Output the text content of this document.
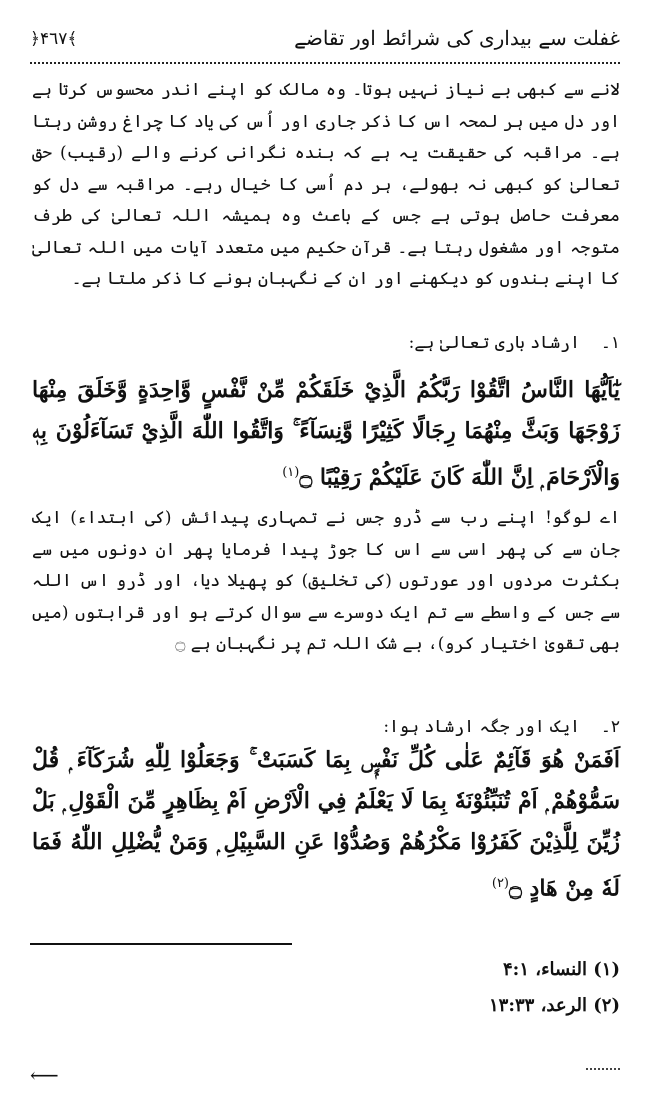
غفلت سے بیداری کی شرائط اور تقاضے
﴿۴٦٧﴾
لانے سے کبھی بے نیاز نہیں ہوتا۔ وہ مالک کو اپنے اندر محسوس کرتا ہے اور دل میں ہر لمحہ اس کا ذکر جاری اور اُس کی یاد کا چراغ روشن رہتا ہے۔ مراقبہ کی حقیقت یہ ہے کہ بندہ نگرانی کرنے والے (رقیب) حق تعالیٰ کو کبھی نہ بھولے، ہر دم اُسی کا خیال رہے۔ مراقبہ سے دل کو معرفت حاصل ہوتی ہے جس کے باعث وہ ہمیشہ اللہ تعالیٰ کی طرف متوجہ اور مشغول رہتا ہے۔ قرآن حکیم میں متعدد آیات میں اللہ تعالیٰ کا اپنے بندوں کو دیکھنے اور ان کے نگہبان ہونے کا ذکر ملتا ہے۔
۱۔ارشاد باری تعالیٰ ہے:
يٰٓاَيُّهَا النَّاسُ اتَّقُوْا رَبَّكُمُ الَّذِيْ خَلَقَكُمْ مِّنْ نَّفْسٍ وَّاحِدَةٍ وَّخَلَقَ مِنْهَا زَوْجَهَا وَبَثَّ مِنْهُمَا رِجَالًا كَثِيْرًا وَّنِسَآءً ۚ وَاتَّقُوا اللّٰهَ الَّذِيْ تَسَآءَلُوْنَ بِهٖ وَالْاَرْحَامَ ۭ اِنَّ اللّٰهَ كَانَ عَلَيْكُمْ رَقِيْبًا ۝$^{(۱)}$
اے لوگو! اپنے رب سے ڈرو جس نے تمہاری پیدائش (کی ابتداء) ایک جان سے کی پھر اسی سے اس کا جوڑ پیدا فرمایا پھر ان دونوں میں سے بکثرت مردوں اور عورتوں (کی تخلیق) کو پھیلا دیا، اور ڈرو اس اللہ سے جس کے واسطے سے تم ایک دوسرے سے سوال کرتے ہو اور قرابتوں (میں بھی تقویٰ اختیار کرو)، بے شک اللہ تم پر نگہبان ہے ۝
۲۔ایک اور جگہ ارشاد ہوا:
اَفَمَنْ هُوَ قَآئِمٌ عَلٰى كُلِّ نَفْسٍۭ بِمَا كَسَبَتْ ۚ وَجَعَلُوْا لِلّٰهِ شُرَكَآءَ ۭ قُلْ سَمُّوْهُمْ ۭ اَمْ تُنَبِّئُوْنَهٗ بِمَا لَا يَعْلَمُ فِي الْاَرْضِ اَمْ بِظَاهِرٍ مِّنَ الْقَوْلِ ۭ بَلْ زُيِّنَ لِلَّذِيْنَ كَفَرُوْا مَكْرُهُمْ وَصُدُّوْا عَنِ السَّبِيْلِ ۭ وَمَنْ يُّضْلِلِ اللّٰهُ فَمَا لَهٗ مِنْ هَادٍ ۝$^{(۲)}$
(۱) النساء، ۴:۱
(۲) الرعد، ۱۳:۳۳
⟵
